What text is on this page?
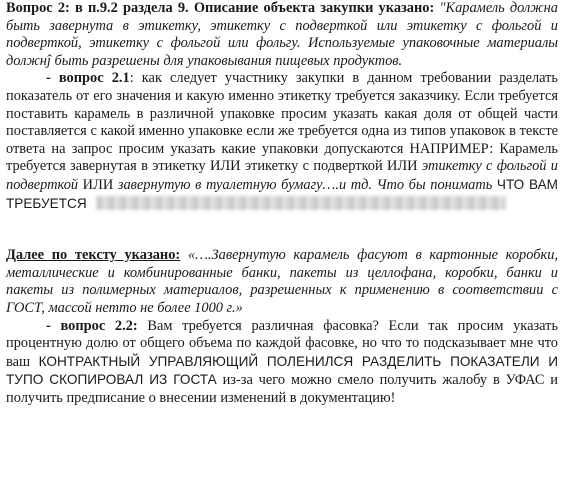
Вопрос 2: в п.9.2 раздела 9. Описание объекта закупки указано: "Карамель должна быть завернута в этикетку, этикетку с подверткой или этикетку с фольгой и подверткой, этикетку с фольгой или фольгу. Используемые упаковочные материалы должнĵ быть разрешены для упаковывания пищевых продуктов.

- вопрос 2.1: как следует участнику закупки в данном требовании разделать показатель от его значения и какую именно этикетку требуется заказчику. Если требуется поставить карамель в различной упаковке просим указать какая доля от общей части поставляется с какой именно упаковке если же требуется одна из типов упаковок в тексте ответа на запрос просим указать какие упаковки допускаются НАПРИМЕР: Карамель требуется завернутая в этикетку ИЛИ этикетку с подверткой ИЛИ этикетку с фольгой и подверткой ИЛИ завернутую в туалетную бумагу….и тд. Что бы понимать ЧТО ВАМ ТРЕБУЕТСЯ

Далее по тексту указано: «….Завернутую карамель фасуют в картонные коробки, металлические и комбинированные банки, пакеты из целлофана, коробки, банки и пакеты из полимерных материалов, разрешенных к применению в соответствии с ГОСТ, массой нетто не более 1000 г.»

- вопрос 2.2: Вам требуется различная фасовка? Если так просим указать процентную долю от общего объема по каждой фасовке, но что то подсказывает мне что ваш КОНТРАКТНЫЙ УПРАВЛЯЮЩИЙ ПОЛЕНИЛСЯ РАЗДЕЛИТЬ ПОКАЗАТЕЛИ И ТУПО СКОПИРОВАЛ ИЗ ГОСТА из-за чего можно смело получить жалобу в УФАС и получить предписание о внесении изменений в документацию!
